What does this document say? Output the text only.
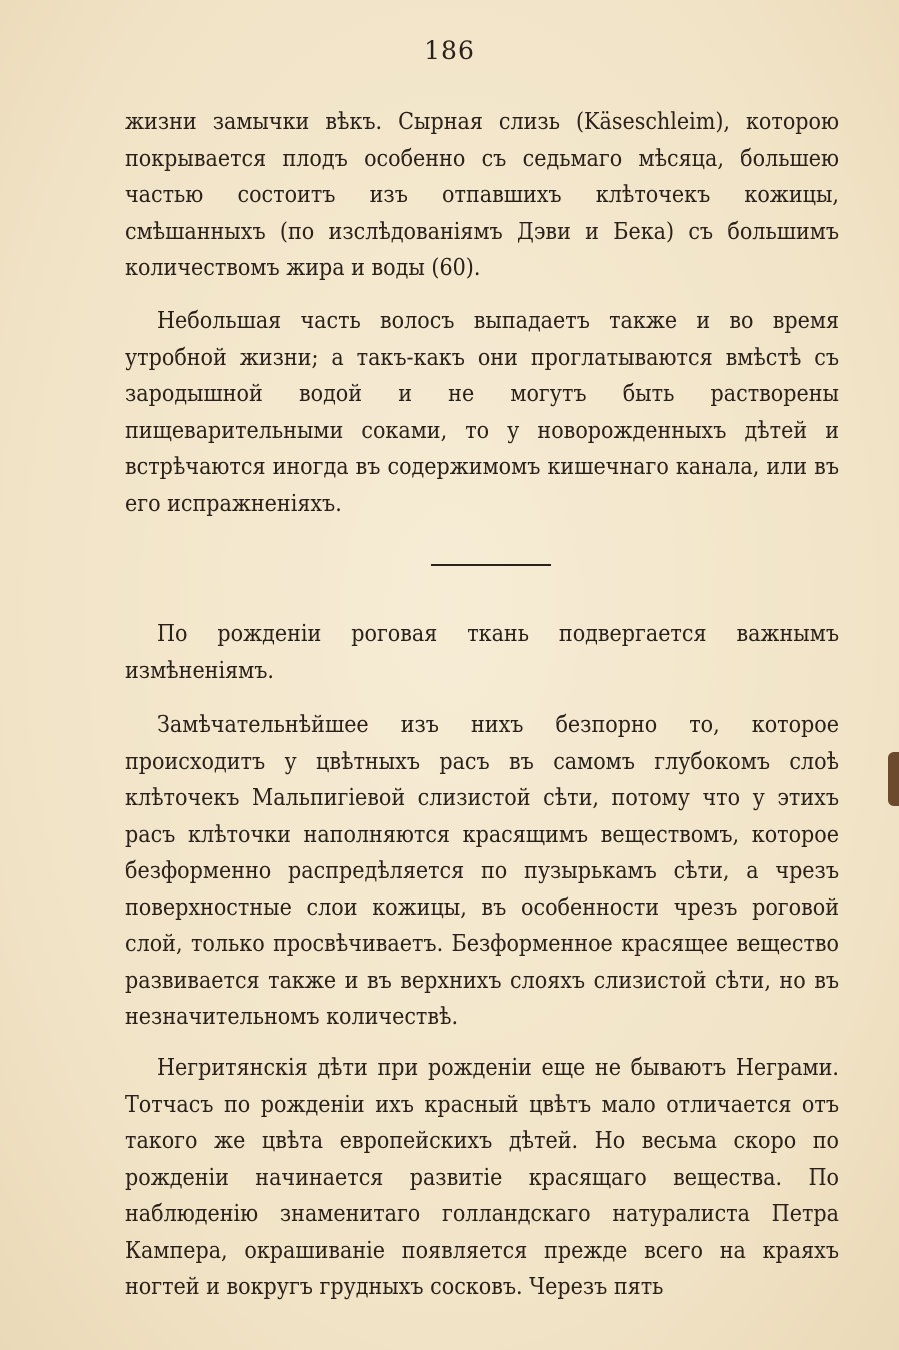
186

жизни замычки вѣкъ. Сырная слизь (Käseschleim), которою покрывается плодъ особенно съ седьмаго мѣсяца, большею частью состоитъ изъ отпавшихъ клѣточекъ кожицы, смѣшанныхъ (по изслѣдованіямъ Дэви и Бека) съ большимъ количествомъ жира и воды (60).

Небольшая часть волосъ выпадаетъ также и во время утробной жизни; а такъ-какъ они проглатываются вмѣстѣ съ зародышной водой и не могутъ быть растворены пищеварительными соками, то у новорожденныхъ дѣтей и встрѣчаются иногда въ содержимомъ кишечнаго канала, или въ его испражненіяхъ.

По рожденіи роговая ткань подвергается важнымъ измѣненіямъ.

Замѣчательнѣйшее изъ нихъ безпорно то, которое происходитъ у цвѣтныхъ расъ въ самомъ глубокомъ слоѣ клѣточекъ Мальпигіевой слизистой сѣти, потому что у этихъ расъ клѣточки наполняются красящимъ веществомъ, которое безформенно распредѣляется по пузырькамъ сѣти, а чрезъ поверхностные слои кожицы, въ особенности чрезъ роговой слой, только просвѣчиваетъ. Безформенное красящее вещество развивается также и въ верхнихъ слояхъ слизистой сѣти, но въ незначительномъ количествѣ.

Негритянскія дѣти при рожденіи еще не бываютъ Неграми. Тотчасъ по рожденіи ихъ красный цвѣтъ мало отличается отъ такого же цвѣта европейскихъ дѣтей. Но весьма скоро по рожденіи начинается развитіе красящаго вещества. По наблюденію знаменитаго голландскаго натуралиста Петра Кампера, окрашиваніе появляется прежде всего на краяхъ ногтей и вокругъ грудныхъ сосковъ. Черезъ пять
